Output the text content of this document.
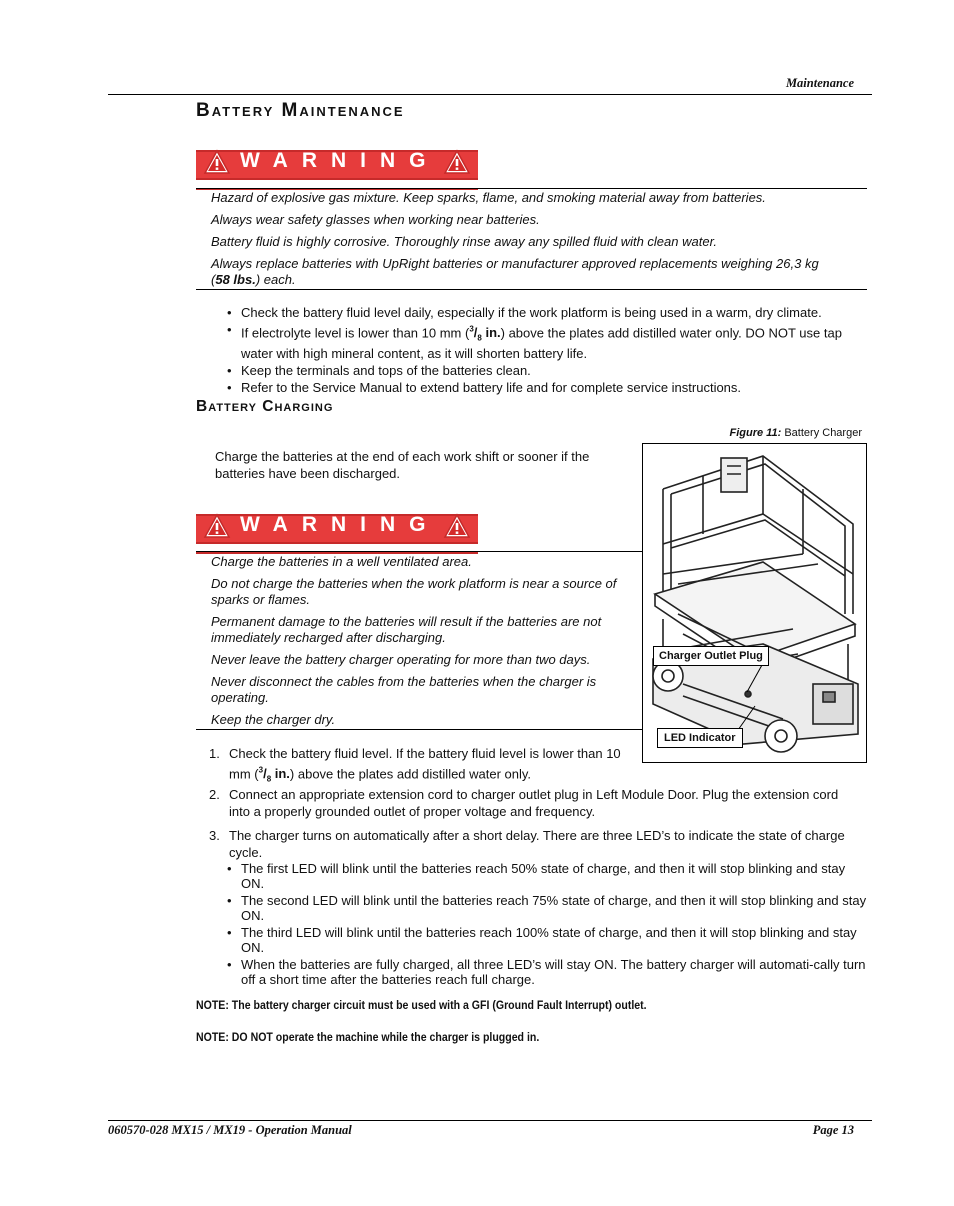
Maintenance
Battery Maintenance
WARNING

Hazard of explosive gas mixture. Keep sparks, flame, and smoking material away from batteries.

Always wear safety glasses when working near batteries.

Battery fluid is highly corrosive. Thoroughly rinse away any spilled fluid with clean water.

Always replace batteries with UpRight batteries or manufacturer approved replacements weighing 26,3 kg (58 lbs.) each.

• Check the battery fluid level daily, especially if the work platform is being used in a warm, dry climate.
• If electrolyte level is lower than 10 mm ($^3/_8$ in.) above the plates add distilled water only. DO NOT use tap water with high mineral content, as it will shorten battery life.
• Keep the terminals and tops of the batteries clean.
• Refer to the Service Manual to extend battery life and for complete service instructions.
Battery Charging
Figure 11: Battery Charger
Charge the batteries at the end of each work shift or sooner if the batteries have been discharged.
Charger Outlet Plug
LED Indicator
WARNING

Charge the batteries in a well ventilated area.

Do not charge the batteries when the work platform is near a source of sparks or flames.

Permanent damage to the batteries will result if the batteries are not immediately recharged after discharging.

Never leave the battery charger operating for more than two days.

Never disconnect the cables from the batteries when the charger is operating.

Keep the charger dry.

1. Check the battery fluid level. If the battery fluid level is lower than 10 mm ($^3/_8$ in.) above the plates add distilled water only.
2. Connect an appropriate extension cord to charger outlet plug in Left Module Door. Plug the extension cord into a properly grounded outlet of proper voltage and frequency.
3. The charger turns on automatically after a short delay. There are three LED’s to indicate the state of charge cycle.
• The first LED will blink until the batteries reach 50% state of charge, and then it will stop blinking and stay ON.
• The second LED will blink until the batteries reach 75% state of charge, and then it will stop blinking and stay ON.
• The third LED will blink until the batteries reach 100% state of charge, and then it will stop blinking and stay ON.
• When the batteries are fully charged, all three LED’s will stay ON. The battery charger will automati-cally turn off a short time after the batteries reach full charge.
NOTE: The battery charger circuit must be used with a GFI (Ground Fault Interrupt) outlet.
NOTE: DO NOT operate the machine while the charger is plugged in.
060570-028 MX15 / MX19 - Operation Manual	Page 13
